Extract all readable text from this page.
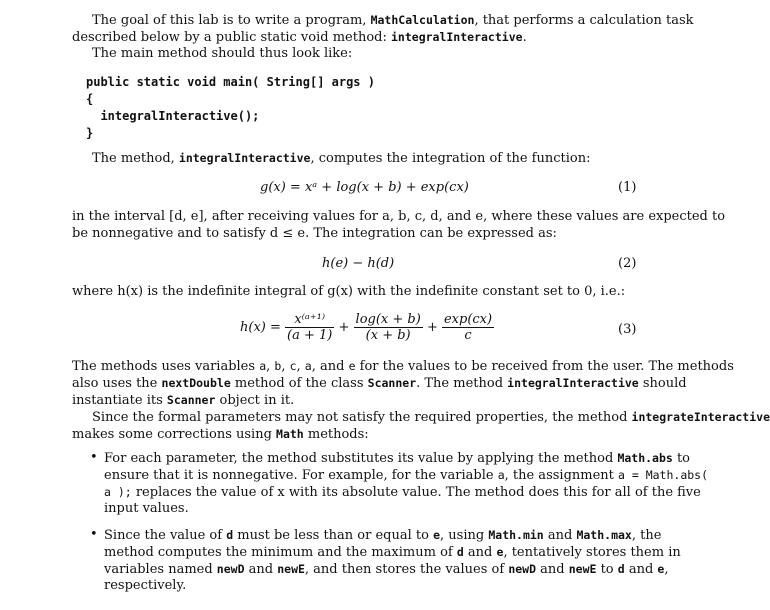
The goal of this lab is to write a program, MathCalculation, that performs a calculation task
described below by a public static void method: integralInteractive.
The main method should thus look like:
public static void main( String[] args )
{
integralInteractive();
}
The method, integralInteractive, computes the integration of the function:
g(x) = xᵃ + log(x + b) + exp(cx)	(1)
in the interval [d, e], after receiving values for a, b, c, d, and e, where these values are expected to
be nonnegative and to satisfy d ≤ e. The integration can be expressed as:
h(e) − h(d)	(2)
where h(x) is the indefinite integral of g(x) with the indefinite constant set to 0, i.e.:
$h(x) = \frac{\text{x⁽ᵃ⁺¹⁾}}{(a + 1)} + \frac{\log(x + b)}{(x + b)} + \frac{\exp(cx)}{c}$	(3)
The methods uses variables a, b, c, a, and e for the values to be received from the user. The methods
also uses the nextDouble method of the class Scanner. The method integralInteractive should
instantiate its Scanner object in it.
Since the formal parameters may not satisfy the required properties, the method integrateInteractive
makes some corrections using Math methods:
• For each parameter, the method substitutes its value by applying the method Math.abs to
ensure that it is nonnegative. For example, for the variable a, the assignment a = Math.abs(
a ); replaces the value of x with its absolute value. The method does this for all of the five
input values.
• Since the value of d must be less than or equal to e, using Math.min and Math.max, the
method computes the minimum and the maximum of d and e, tentatively stores them in
variables named newD and newE, and then stores the values of newD and newE to d and e,
respectively.
